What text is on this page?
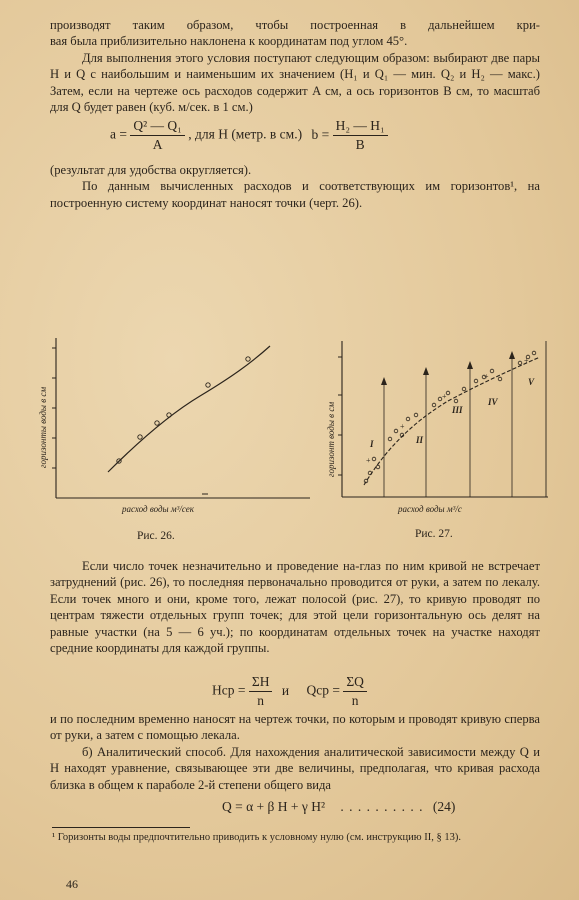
производят таким образом, чтобы построенная в дальнейшем кри-

вая была приблизительно наклонена к координатам под углом 45°.

Для выполнения этого условия поступают следующим образом: выбирают две пары H и Q с наибольшим и наименьшим их значением (H₁ и Q₁ — мин. Q₂ и H₂ — макс.) Затем, если на чертеже ось расходов содержит A см, а ось горизонтов B см, то масштаб для Q будет равен (куб. м/сек. в 1 см.)

$a = \frac{\text{Q² — Q₁}}{A}$ , для H (метр. в см.) $b = \frac{\text{H₂ — H₁}}{B}$

(результат для удобства округляется).

По данным вычисленных расходов и соответствующих им горизонтов¹, на построенную систему координат наносят точки (черт. 26).

горизонты воды в см
расход воды м³/сек
Рис. 26.
+
+
+
+
+
I	II
III
IV
V
горизонт воды в см
расход воды м³/с
Рис. 27.

Если число точек незначительно и проведение на-глаз по ним кривой не встречает затруднений (рис. 26), то последняя первоначально проводится от руки, а затем по лекалу. Если точек много и они, кроме того, лежат полосой (рис. 27), то кривую проводят по центрам тяжести отдельных групп точек; для этой цели горизонтальную ось делят на равные участки (на 5 — 6 уч.); по координатам отдельных точек на участке находят средние координаты для каждой группы.

Hср = $\frac{\Sigma H}{n}$ и Qср = $\frac{\Sigma Q}{n}$

и по последним временно наносят на чертеж точки, по которым и проводят кривую сперва от руки, а затем с помощью лекала.

б) Аналитический способ. Для нахождения аналитической зависимости между Q и H находят уравнение, связывающее эти две величины, предполагая, что кривая расхода близка в общем к параболе 2-й степени общего вида

Q = α + β H + γ H² . . . . . . . . . . (24)
¹ Горизонты воды предпочтительно приводить к условному нулю (см. инструкцию II, § 13).
46
